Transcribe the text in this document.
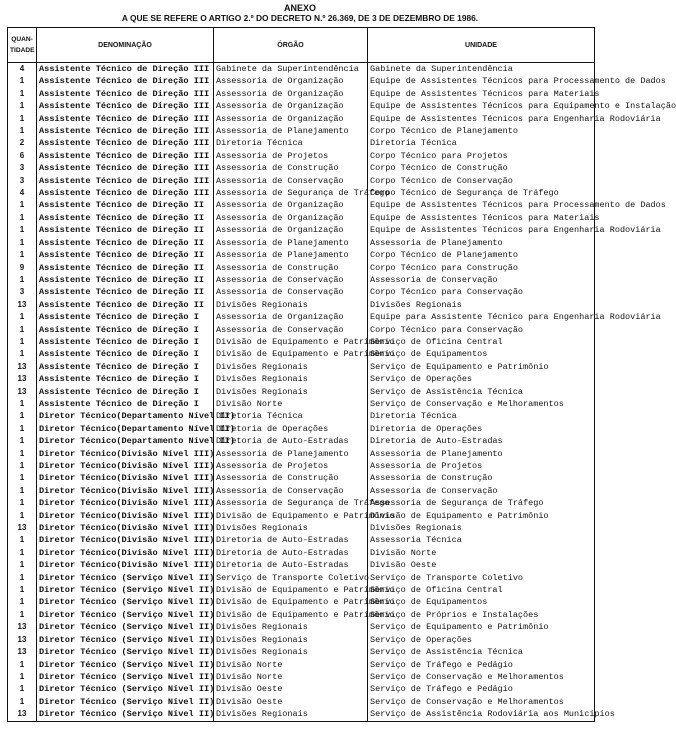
ANEXO
A QUE SE REFERE O ARTIGO 2.º DO DECRETO N.º 26.369, DE 3 DE DEZEMBRO DE 1986.
QUAN-
TIDADE	DENOMINAÇÃO	ÓRGÃO	UNIDADE
4	Assistente Técnico de Direção III	Gabinete da Superintendência	Gabinete da Superintendência
1	Assistente Técnico de Direção III	Assessoria de Organização	Equipe de Assistentes Técnicos para Processamento de Dados
1	Assistente Técnico de Direção III	Assessoria de Organização	Equipe de Assistentes Técnicos para Materiais
1	Assistente Técnico de Direção III	Assessoria de Organização	Equipe de Assistentes Técnicos para Equipamento e Instalação
1	Assistente Técnico de Direção III	Assessoria de Organização	Equipe de Assistentes Técnicos para Engenharia Rodoviária
1	Assistente Técnico de Direção III	Assessoria de Planejamento	Corpo Técnico de Planejamento
2	Assistente Técnico de Direção III	Diretoria Técnica	Diretoria Técnica
6	Assistente Técnico de Direção III	Assessoria de Projetos	Corpo Técnico para Projetos
3	Assistente Técnico de Direção III	Assessoria de Construção	Corpo Técnico de Construção
3	Assistente Técnico de Direção III	Assessoria de Conservação	Corpo Técnico de Conservação
4	Assistente Técnico de Direção III	Assessoria de Segurança de Tráfego	Corpo Técnico de Segurança de Tráfego
1	Assistente Técnico de Direção II	Assessoria de Organização	Equipe de Assistentes Técnicos para Processamento de Dados
1	Assistente Técnico de Direção II	Assessoria de Organização	Equipe de Assistentes Técnicos para Materiais
1	Assistente Técnico de Direção II	Assessoria de Organização	Equipe de Assistentes Técnicos para Engenharia Rodoviária
1	Assistente Técnico de Direção II	Assessoria de Planejamento	Assessoria de Planejamento
1	Assistente Técnico de Direção II	Assessoria de Planejamento	Corpo Técnico de Planejamento
9	Assistente Técnico de Direção II	Assessoria de Construção	Corpo Técnico para Construção
1	Assistente Técnico de Direção II	Assessoria de Conservação	Assessoria de Conservação
3	Assistente Técnico de Direção II	Assessoria de Conservação	Corpo Técnico para Conservação
13	Assistente Técnico de Direção II	Divisões Regionais	Divisões Regionais
1	Assistente Técnico de Direção I	Assessoria de Organização	Equipe para Assistente Técnico para Engenharia Rodoviária
1	Assistente Técnico de Direção I	Assessoria de Conservação	Corpo Técnico para Conservação
1	Assistente Técnico de Direção I	Divisão de Equipamento e Patrimônio	Serviço de Oficina Central
1	Assistente Técnico de Direção I	Divisão de Equipamento e Patrimônio	Serviço de Equipamentos
13	Assistente Técnico de Direção I	Divisões Regionais	Serviço de Equipamento e Patrimônio
13	Assistente Técnico de Direção I	Divisões Regionais	Serviço de Operações
13	Assistente Técnico de Direção I	Divisões Regionais	Serviço de Assistência Técnica
1	Assistente Técnico de Direção I	Divisão Norte	Serviço de Conservação e Melhoramentos
1	Diretor Técnico(Departamento Nível II)	Diretoria Técnica	Diretoria Técnica
1	Diretor Técnico(Departamento Nível II)	Diretoria de Operações	Diretoria de Operações
1	Diretor Técnico(Departamento Nível II)	Diretoria de Auto-Estradas	Diretoria de Auto-Estradas
1	Diretor Técnico(Divisão Nível III)	Assessoria de Planejamento	Assessoria de Planejamento
1	Diretor Técnico(Divisão Nível III)	Assessoria de Projetos	Assessoria de Projetos
1	Diretor Técnico(Divisão Nível III)	Assessoria de Construção	Assessoria de Construção
1	Diretor Técnico(Divisão Nível III)	Assessoria de Conservação	Assessoria de Conservação
1	Diretor Técnico(Divisão Nível III)	Assessoria de Segurança de Tráfego	Assessoria de Segurança de Tráfego
1	Diretor Técnico(Divisão Nível III)	Divisão de Equipamento e Patrimônio	Divisão de Equipamento e Patrimônio
13	Diretor Técnico(Divisão Nível III)	Divisões Regionais	Divisões Regionais
1	Diretor Técnico(Divisão Nível III)	Diretoria de Auto-Estradas	Assessoria Técnica
1	Diretor Técnico(Divisão Nível III)	Diretoria de Auto-Estradas	Divisão Norte
1	Diretor Técnico(Divisão Nível III)	Diretoria de Auto-Estradas	Divisão Oeste
1	Diretor Técnico (Serviço Nível II)	Serviço de Transporte Coletivo	Serviço de Transporte Coletivo
1	Diretor Técnico (Serviço Nível II)	Divisão de Equipamento e Patrimônio	Serviço de Oficina Central
1	Diretor Técnico (Serviço Nível II)	Divisão de Equipamento e Patrimônio	Serviço de Equipamentos
1	Diretor Técnico (Serviço Nível II)	Divisão de Equipamento e Patrimônio	Serviço de Próprios e Instalações
13	Diretor Técnico (Serviço Nível II)	Divisões Regionais	Serviço de Equipamento e Patrimônio
13	Diretor Técnico (Serviço Nível II)	Divisões Regionais	Serviço de Operações
13	Diretor Técnico (Serviço Nível II)	Divisões Regionais	Serviço de Assistência Técnica
1	Diretor Técnico (Serviço Nível II)	Divisão Norte	Serviço de Tráfego e Pedágio
1	Diretor Técnico (Serviço Nível II)	Divisão Norte	Serviço de Conservação e Melhoramentos
1	Diretor Técnico (Serviço Nível II)	Divisão Oeste	Serviço de Tráfego e Pedágio
1	Diretor Técnico (Serviço Nível II)	Divisão Oeste	Serviço de Conservação e Melhoramentos
13	Diretor Técnico (Serviço Nível II)	Divisões Regionais	Serviço de Assistência Rodoviária aos Municípios
